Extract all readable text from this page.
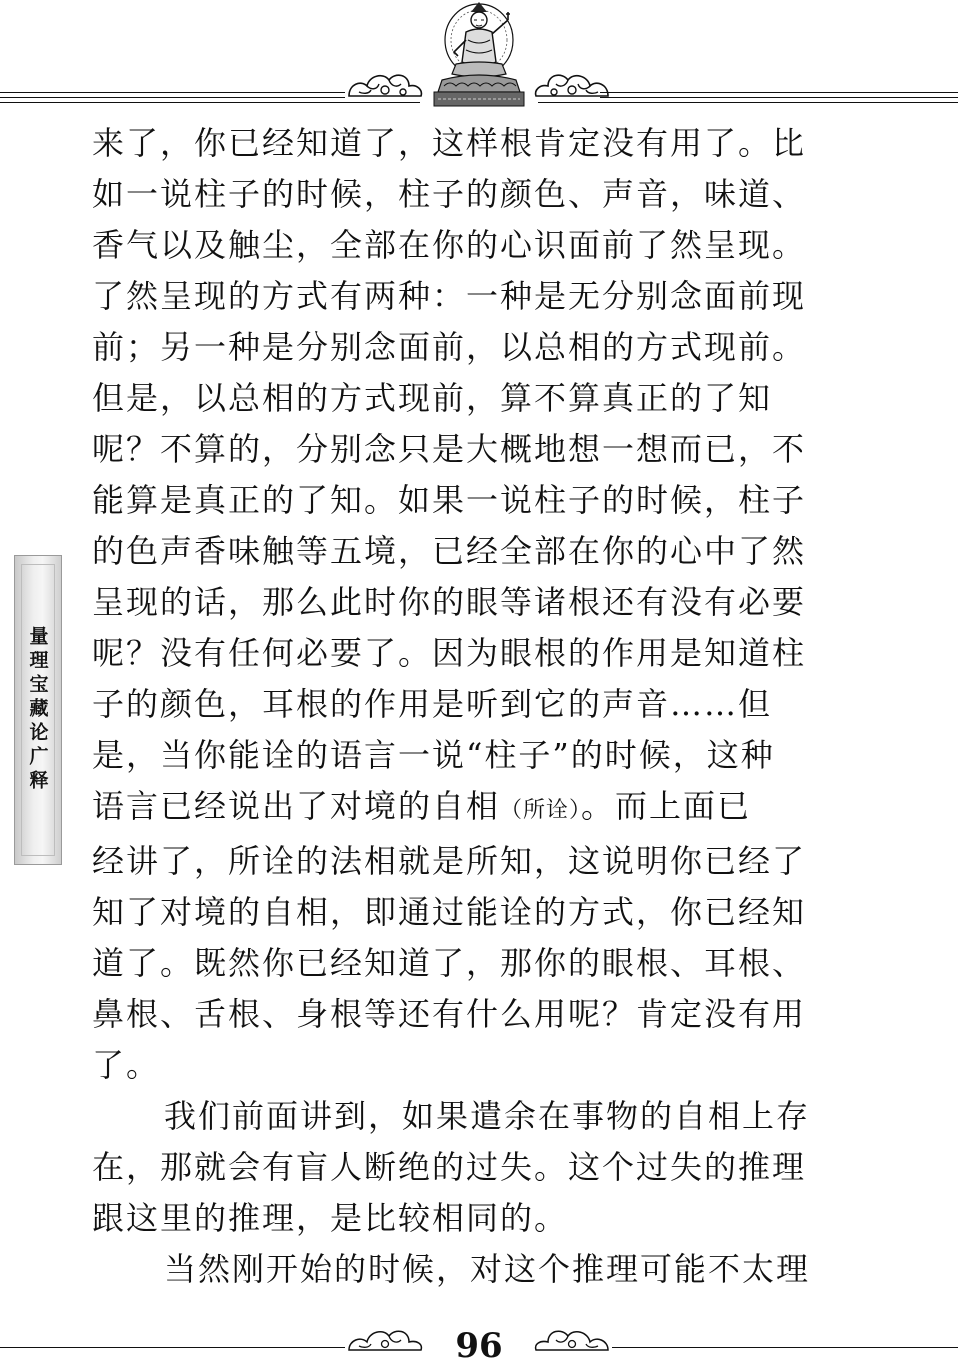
量理宝藏论广释
来了，你已经知道了，这样根肯定没有用了。比
如一说柱子的时候，柱子的颜色、声音，味道、
香气以及触尘，全部在你的心识面前了然呈现。
了然呈现的方式有两种：一种是无分别念面前现
前；另一种是分别念面前，以总相的方式现前。
但是，以总相的方式现前，算不算真正的了知
呢？不算的，分别念只是大概地想一想而已，不
能算是真正的了知。如果一说柱子的时候，柱子
的色声香味触等五境，已经全部在你的心中了然
呈现的话，那么此时你的眼等诸根还有没有必要
呢？没有任何必要了。因为眼根的作用是知道柱
子的颜色，耳根的作用是听到它的声音……但
是，当你能诠的语言一说“柱子”的时候，这种
语言已经说出了对境的自相（所诠）。而上面已
经讲了，所诠的法相就是所知，这说明你已经了
知了对境的自相，即通过能诠的方式，你已经知
道了。既然你已经知道了，那你的眼根、耳根、
鼻根、舌根、身根等还有什么用呢？肯定没有用
了。
我们前面讲到，如果遣余在事物的自相上存
在，那就会有盲人断绝的过失。这个过失的推理
跟这里的推理，是比较相同的。
当然刚开始的时候，对这个推理可能不太理
96
